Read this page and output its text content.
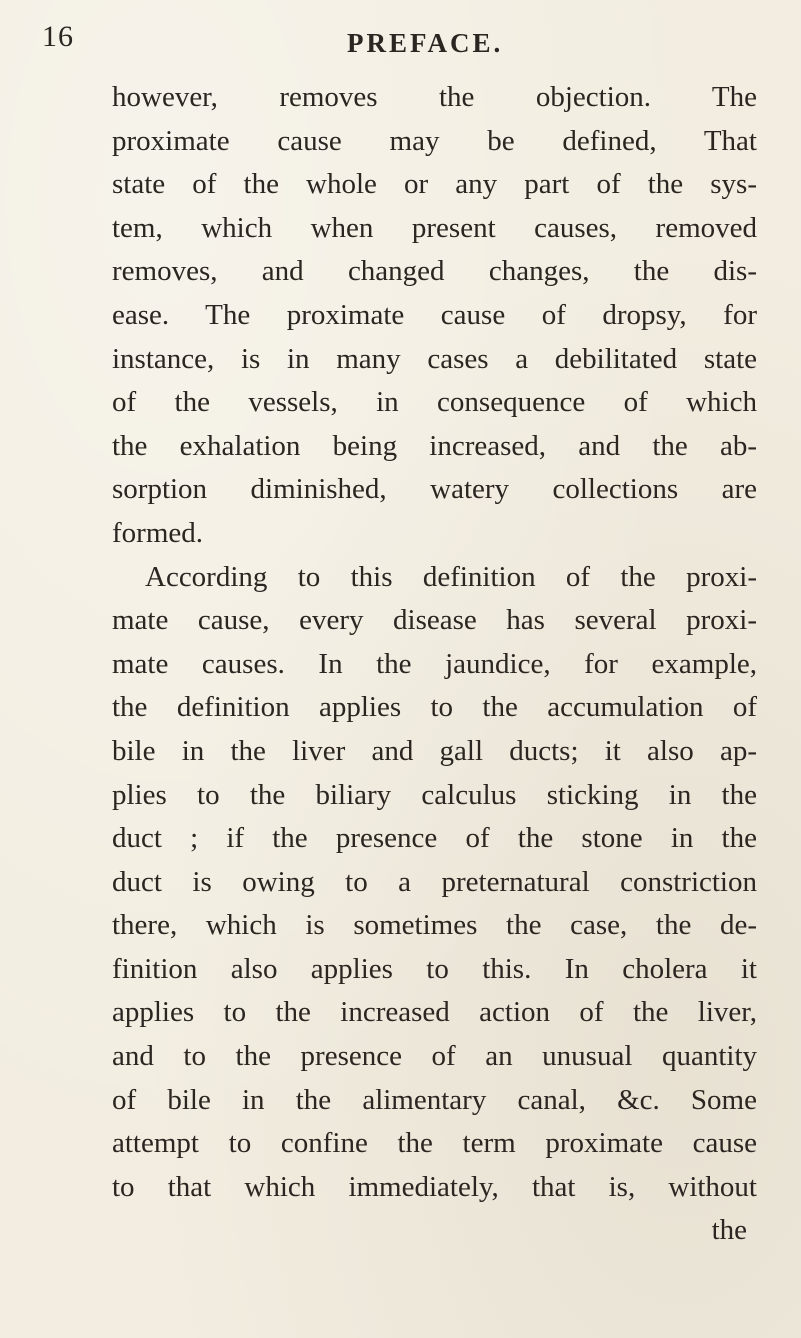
16	PREFACE.
however, removes the objection. The
proximate cause may be defined, That
state of the whole or any part of the sys-
tem, which when present causes, removed
removes, and changed changes, the dis-
ease. The proximate cause of dropsy, for
instance, is in many cases a debilitated state
of the vessels, in consequence of which
the exhalation being increased, and the ab-
sorption diminished, watery collections are
formed.
According to this definition of the proxi-
mate cause, every disease has several proxi-
mate causes. In the jaundice, for example,
the definition applies to the accumulation of
bile in the liver and gall ducts; it also ap-
plies to the biliary calculus sticking in the
duct ; if the presence of the stone in the
duct is owing to a preternatural constriction
there, which is sometimes the case, the de-
finition also applies to this. In cholera it
applies to the increased action of the liver,
and to the presence of an unusual quantity
of bile in the alimentary canal, &c. Some
attempt to confine the term proximate cause
to that which immediately, that is, without
the
